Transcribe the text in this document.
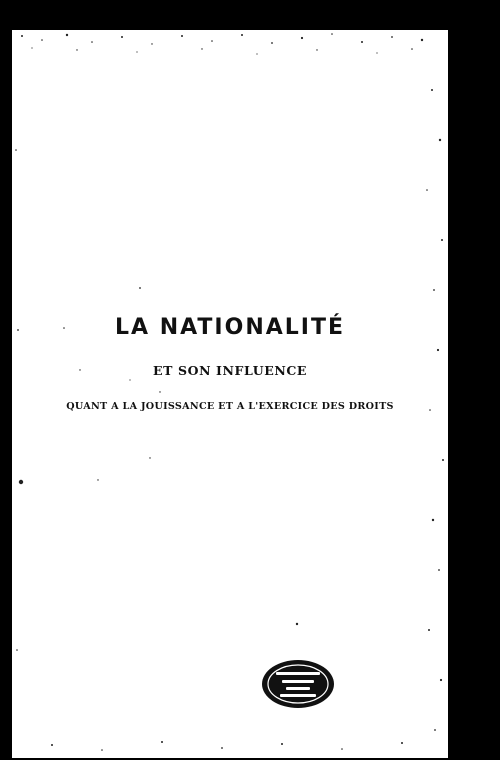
LA NATIONALITÉ
ET SON INFLUENCE
QUANT A LA JOUISSANCE ET A L'EXERCICE DES DROITS
